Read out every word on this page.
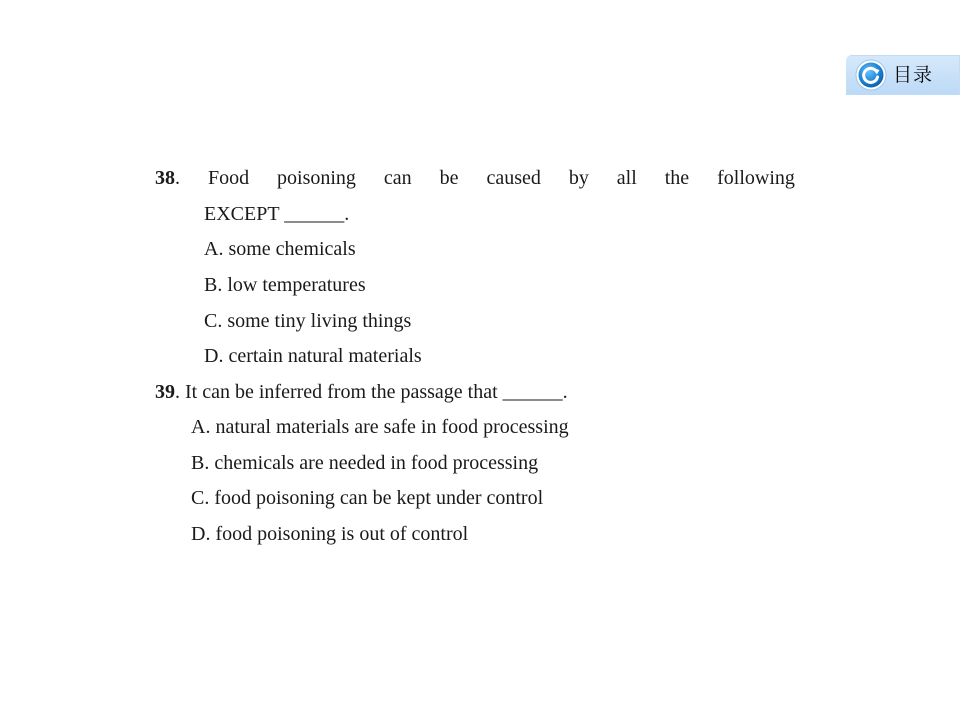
目录
38. Food poisoning can be caused by all the following
EXCEPT ______.
A. some chemicals
B. low temperatures
C. some tiny living things
D. certain natural materials
39. It can be inferred from the passage that ______.
A. natural materials are safe in food processing
B. chemicals are needed in food processing
C. food poisoning can be kept under control
D. food poisoning is out of control
